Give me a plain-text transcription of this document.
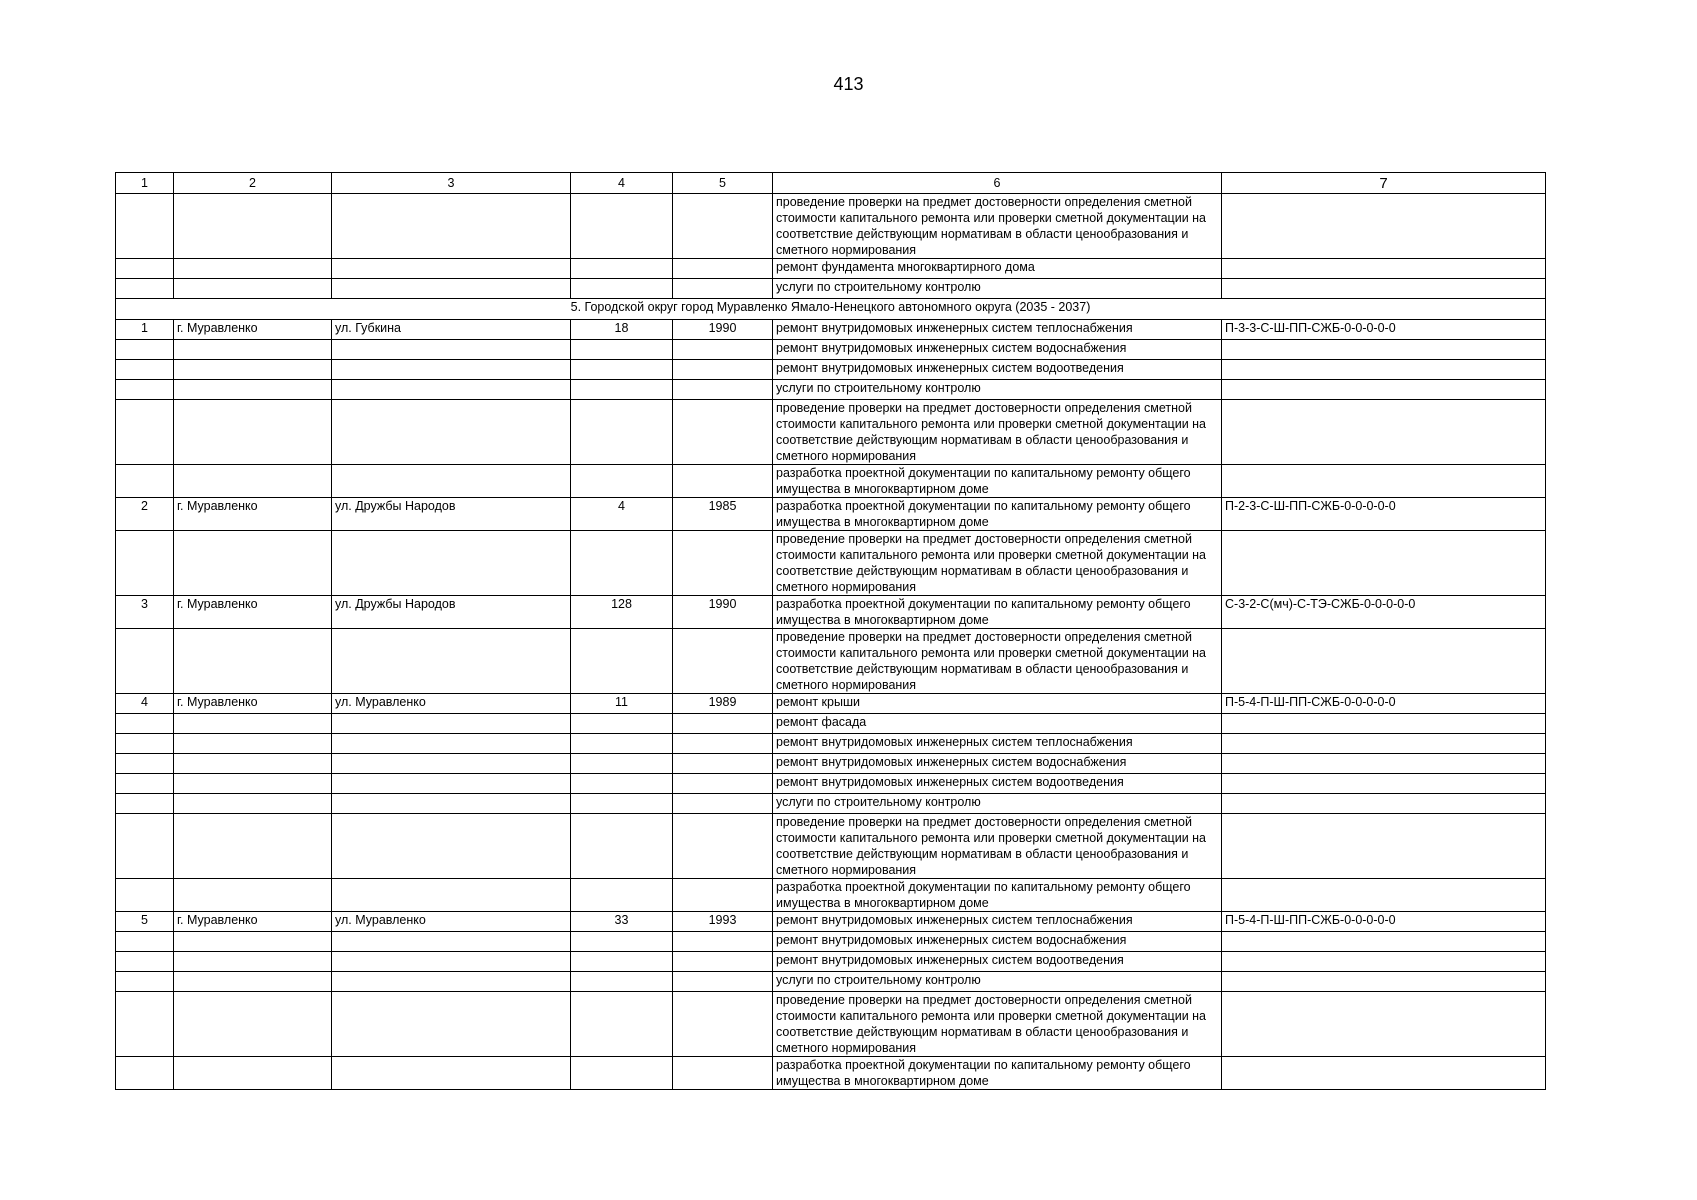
413
1	2	3	4	5	6	7
					проведение проверки на предмет достоверности определения сметной стоимости капитального ремонта или проверки сметной документации на соответствие действующим нормативам в области ценообразования и сметного нормирования	
					ремонт фундамента многоквартирного дома	
					услуги по строительному контролю	
5. Городской округ город Муравленко Ямало-Ненецкого автономного округа (2035 - 2037)						
1	г. Муравленко	ул. Губкина	18	1990	ремонт внутридомовых инженерных систем теплоснабжения	П-3-3-С-Ш-ПП-СЖБ-0-0-0-0-0
					ремонт внутридомовых инженерных систем водоснабжения	
					ремонт внутридомовых инженерных систем водоотведения	
					услуги по строительному контролю	
					проведение проверки на предмет достоверности определения сметной стоимости капитального ремонта или проверки сметной документации на соответствие действующим нормативам в области ценообразования и сметного нормирования	
					разработка проектной документации по капитальному ремонту общего имущества в многоквартирном доме	
2	г. Муравленко	ул. Дружбы Народов	4	1985	разработка проектной документации по капитальному ремонту общего имущества в многоквартирном доме	П-2-3-С-Ш-ПП-СЖБ-0-0-0-0-0
					проведение проверки на предмет достоверности определения сметной стоимости капитального ремонта или проверки сметной документации на соответствие действующим нормативам в области ценообразования и сметного нормирования	
3	г. Муравленко	ул. Дружбы Народов	128	1990	разработка проектной документации по капитальному ремонту общего имущества в многоквартирном доме	С-3-2-С(мч)-С-ТЭ-СЖБ-0-0-0-0-0
					проведение проверки на предмет достоверности определения сметной стоимости капитального ремонта или проверки сметной документации на соответствие действующим нормативам в области ценообразования и сметного нормирования	
4	г. Муравленко	ул. Муравленко	11	1989	ремонт крыши	П-5-4-П-Ш-ПП-СЖБ-0-0-0-0-0
					ремонт фасада	
					ремонт внутридомовых инженерных систем теплоснабжения	
					ремонт внутридомовых инженерных систем водоснабжения	
					ремонт внутридомовых инженерных систем водоотведения	
					услуги по строительному контролю	
					проведение проверки на предмет достоверности определения сметной стоимости капитального ремонта или проверки сметной документации на соответствие действующим нормативам в области ценообразования и сметного нормирования	
					разработка проектной документации по капитальному ремонту общего имущества в многоквартирном доме	
5	г. Муравленко	ул. Муравленко	33	1993	ремонт внутридомовых инженерных систем теплоснабжения	П-5-4-П-Ш-ПП-СЖБ-0-0-0-0-0
					ремонт внутридомовых инженерных систем водоснабжения	
					ремонт внутридомовых инженерных систем водоотведения	
					услуги по строительному контролю	
					проведение проверки на предмет достоверности определения сметной стоимости капитального ремонта или проверки сметной документации на соответствие действующим нормативам в области ценообразования и сметного нормирования	
					разработка проектной документации по капитальному ремонту общего имущества в многоквартирном доме	
